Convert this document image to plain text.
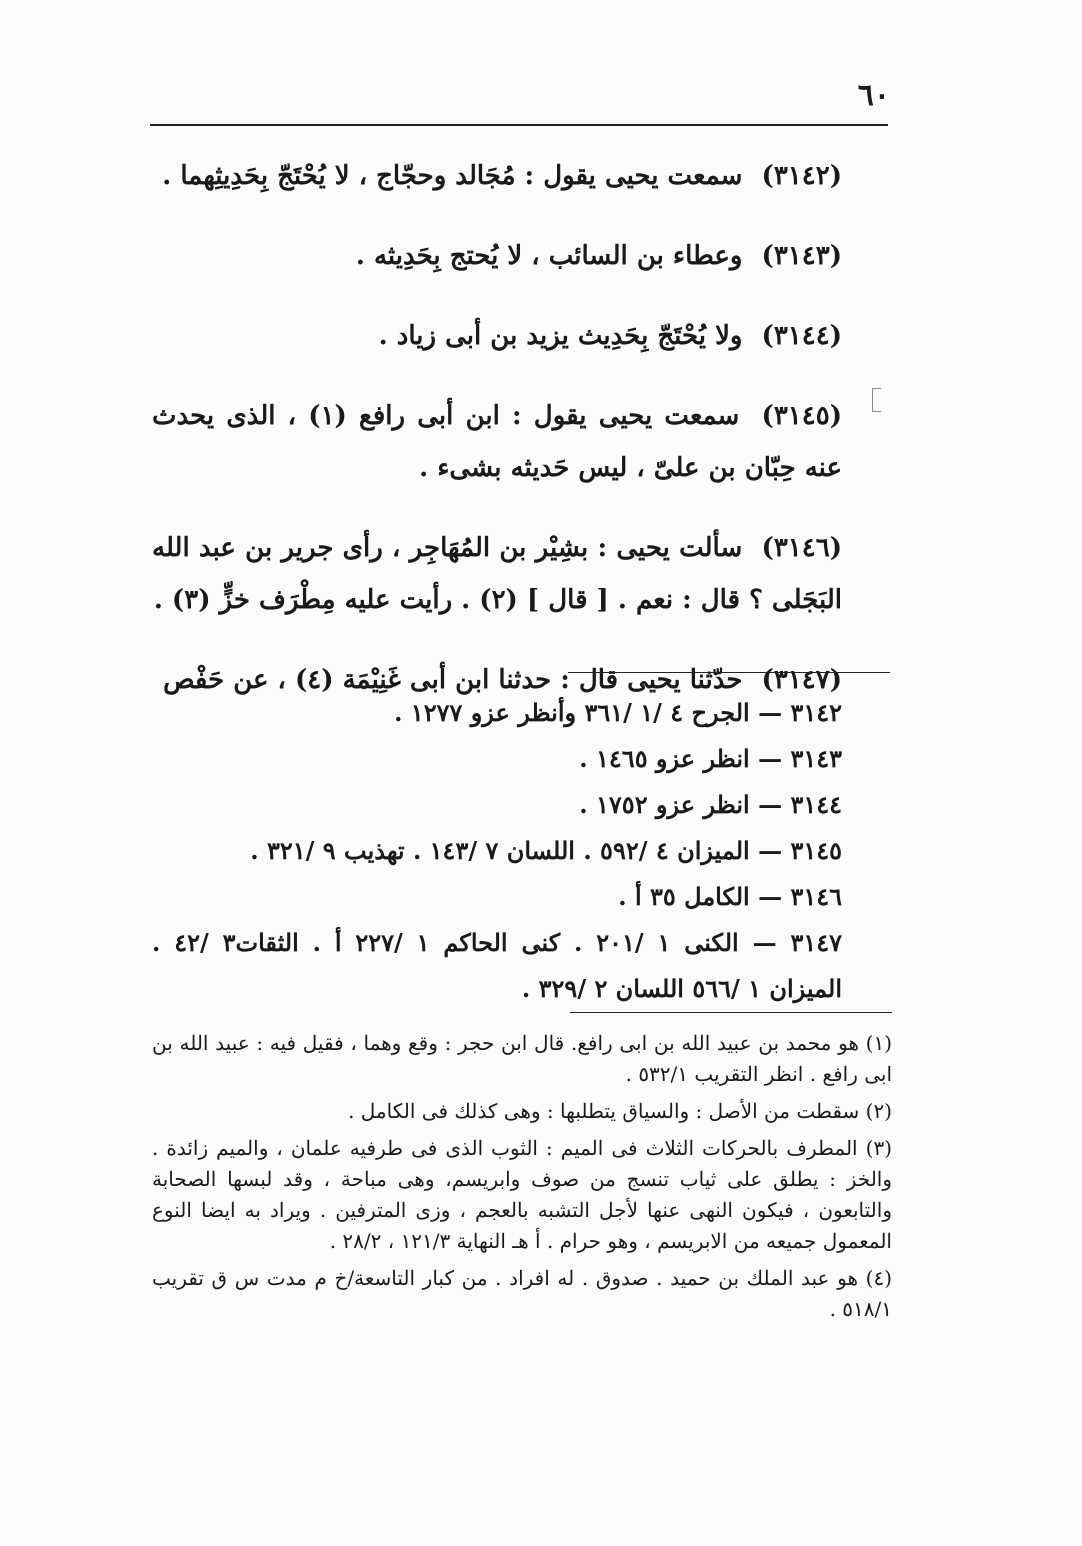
٦٠

(٣١٤٢) سمعت يحيى يقول : مُجَالد وحجّاج ، لا يُحْتَجّ بِحَدِيثِهما .

(٣١٤٣) وعطاء بن السائب ، لا يُحتج بِحَدِيثه .

(٣١٤٤) ولا يُحْتَجّ بِحَدِيث يزيد بن أبى زياد .

(٣١٤٥) سمعت يحيى يقول : ابن أبى رافع (١) ، الذى يحدث عنه حِبّان بن علىّ ، ليس حَديثه بشىء .

(٣١٤٦) سألت يحيى : بشِيْر بن المُهَاجِر ، رأى جرير بن عبد الله البَجَلى ؟ قال : نعم . [ قال ] (٢) . رأيت عليه مِطْرَف خزٍّ (٣) .

(٣١٤٧) حدّثنا يحيى قال : حدثنا ابن أبى غَنِيْمَة (٤) ، عن حَفْص

٣١٤٢ — الجرح ٤ /١ /٣٦١ وأنظر عزو ١٢٧٧ .

٣١٤٣ — انظر عزو ١٤٦٥ .

٣١٤٤ — انظر عزو ١٧٥٢ .

٣١٤٥ — الميزان ٤ /٥٩٢ . اللسان ٧ /١٤٣ . تهذيب ٩ /٣٢١ .

٣١٤٦ — الكامل ٣٥ أ .

٣١٤٧ — الكنى ١ /٢٠١ . كنى الحاكم ١ /٢٢٧ أ . الثقات٣ /٤٢ . الميزان ١ /٥٦٦ اللسان ٢ /٣٢٩ .

(١) هو محمد بن عبيد الله بن ابى رافع. قال ابن حجر : وقع وهما ، فقيل فيه : عبيد الله بن ابى رافع . انظر التقريب ٥٣٢/١ .

(٢) سقطت من الأصل : والسياق يتطلبها : وهى كذلك فى الكامل .

(٣) المطرف بالحركات الثلاث فى الميم : الثوب الذى فى طرفيه علمان ، والميم زائدة . والخز : يطلق على ثياب تنسج من صوف وابريسم، وهى مباحة ، وقد لبسها الصحابة والتابعون ، فيكون النهى عنها لأجل التشبه بالعجم ، وزى المترفين . ويراد به ايضا النوع المعمول جميعه من الابريسم ، وهو حرام . أ هـ النهاية ١٢١/٣ ، ٢٨/٢ .

(٤) هو عبد الملك بن حميد . صدوق . له افراد . من كبار التاسعة/خ م مدت س ق تقريب ٥١٨/١ .
